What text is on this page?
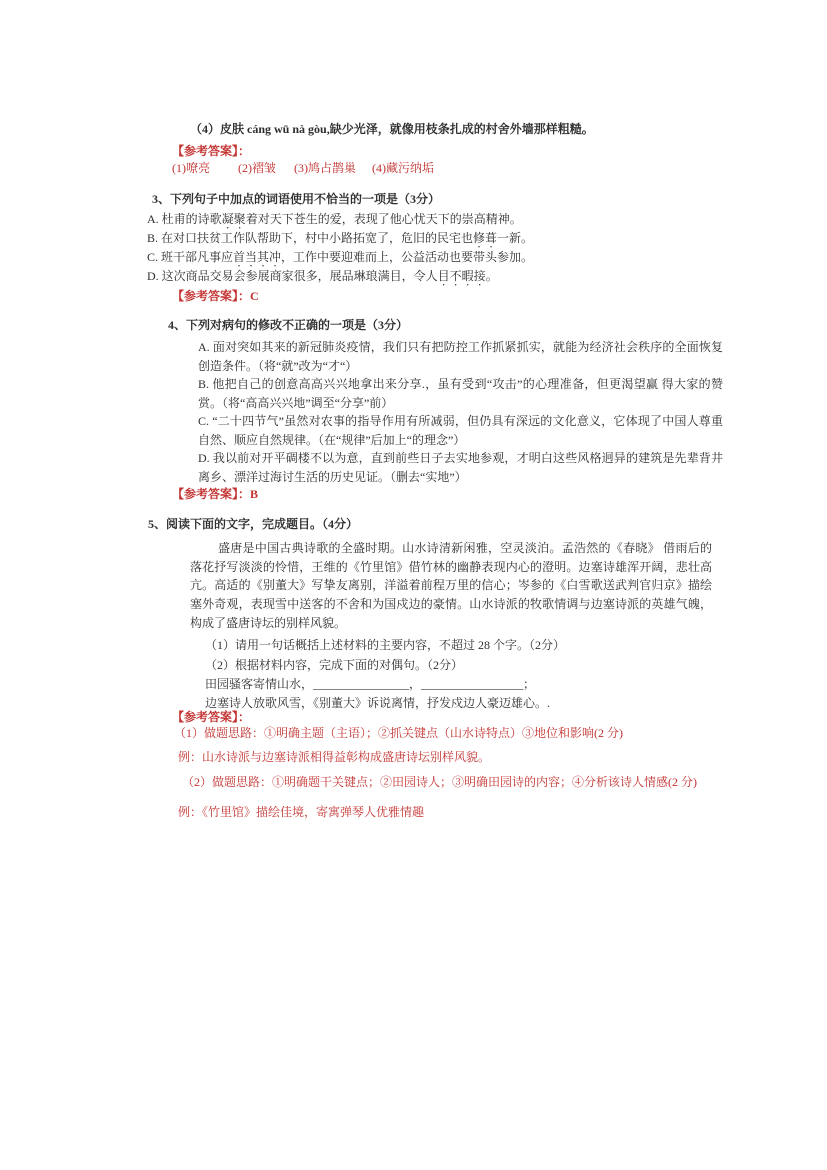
（4）皮肤 cáng wū nà gòu,缺少光泽，就像用枝条扎成的村舍外墙那样粗糙。

【参考答案】：

(1)嘹亮 (2)褶皱 (3)鸠占鹊巢 (4)藏污纳垢

3、下列句子中加点的词语使用不恰当的一项是（3分）

A. 杜甫的诗歌凝聚着对天下苍生的爱，表现了他心忧天下的崇高精神。

B. 在对口扶贫工作队帮助下，村中小路拓宽了，危旧的民宅也修葺一新。

C. 班干部凡事应首当其冲，工作中要迎难而上，公益活动也要带头参加。

D. 这次商品交易会参展商家很多，展品琳琅满目，令人目不暇接。

【参考答案】：C

4、下列对病句的修改不正确的一项是（3分）

A. 面对突如其来的新冠肺炎疫情，我们只有把防控工作抓紧抓实，就能为经济社会秩序的全面恢复创造条件。（将“就”改为“才“）

B. 他把自己的创意高高兴兴地拿出来分享.，虽有受到“攻击”的心理准备，但更渴望赢 得大家的赞赏。（将“高高兴兴地”调至“分享”前）

C. “二十四节气”虽然对农事的指导作用有所减弱，但仍具有深远的文化意义，它体现了中国人尊重自然、顺应自然规律。（在“规律”后加上“的理念”）

D. 我以前对开平碉楼不以为意，直到前些日子去实地参观，才明白这些风格迥异的建筑是先辈背井离乡、漂洋过海讨生活的历史见证。（删去“实地”）

【参考答案】：B

5、阅读下面的文字，完成题目。（4分）

盛唐是中国古典诗歌的全盛时期。山水诗清新闲雅，空灵淡泊。孟浩然的《春晓》 借雨后的落花抒写淡淡的怜惜，王维的《竹里馆》借竹林的幽静表现内心的澄明。边塞诗雄浑开阔，悲壮高亢。高适的《别董大》写挚友离别，洋溢着前程万里的信心；岑参的《白雪歌送武判官归京》描绘塞外奇观，表现雪中送客的不舍和为国戍边的豪情。山水诗派的牧歌情调与边塞诗派的英雄气魄，构成了盛唐诗坛的别样风貌。

（1）请用一句话概括上述材料的主要内容，不超过 28 个字。（2分）

（2）根据材料内容，完成下面的对偶句。（2分）

田园骚客寄情山水，________________，_________________；

边塞诗人放歌风雪，《别董大》诉说离情，抒发戍边人豪迈雄心。.

【参考答案】：

（1）做题思路：①明确主题（主语）；②抓关键点（山水诗特点）③地位和影响(2 分)

例：山水诗派与边塞诗派相得益彰构成盛唐诗坛别样风貌。

（2）做题思路：①明确题干关键点；②田园诗人；③明确田园诗的内容；④分析该诗人情感(2 分)

例：《竹里馆》描绘佳境，寄寓弹琴人优雅情趣
